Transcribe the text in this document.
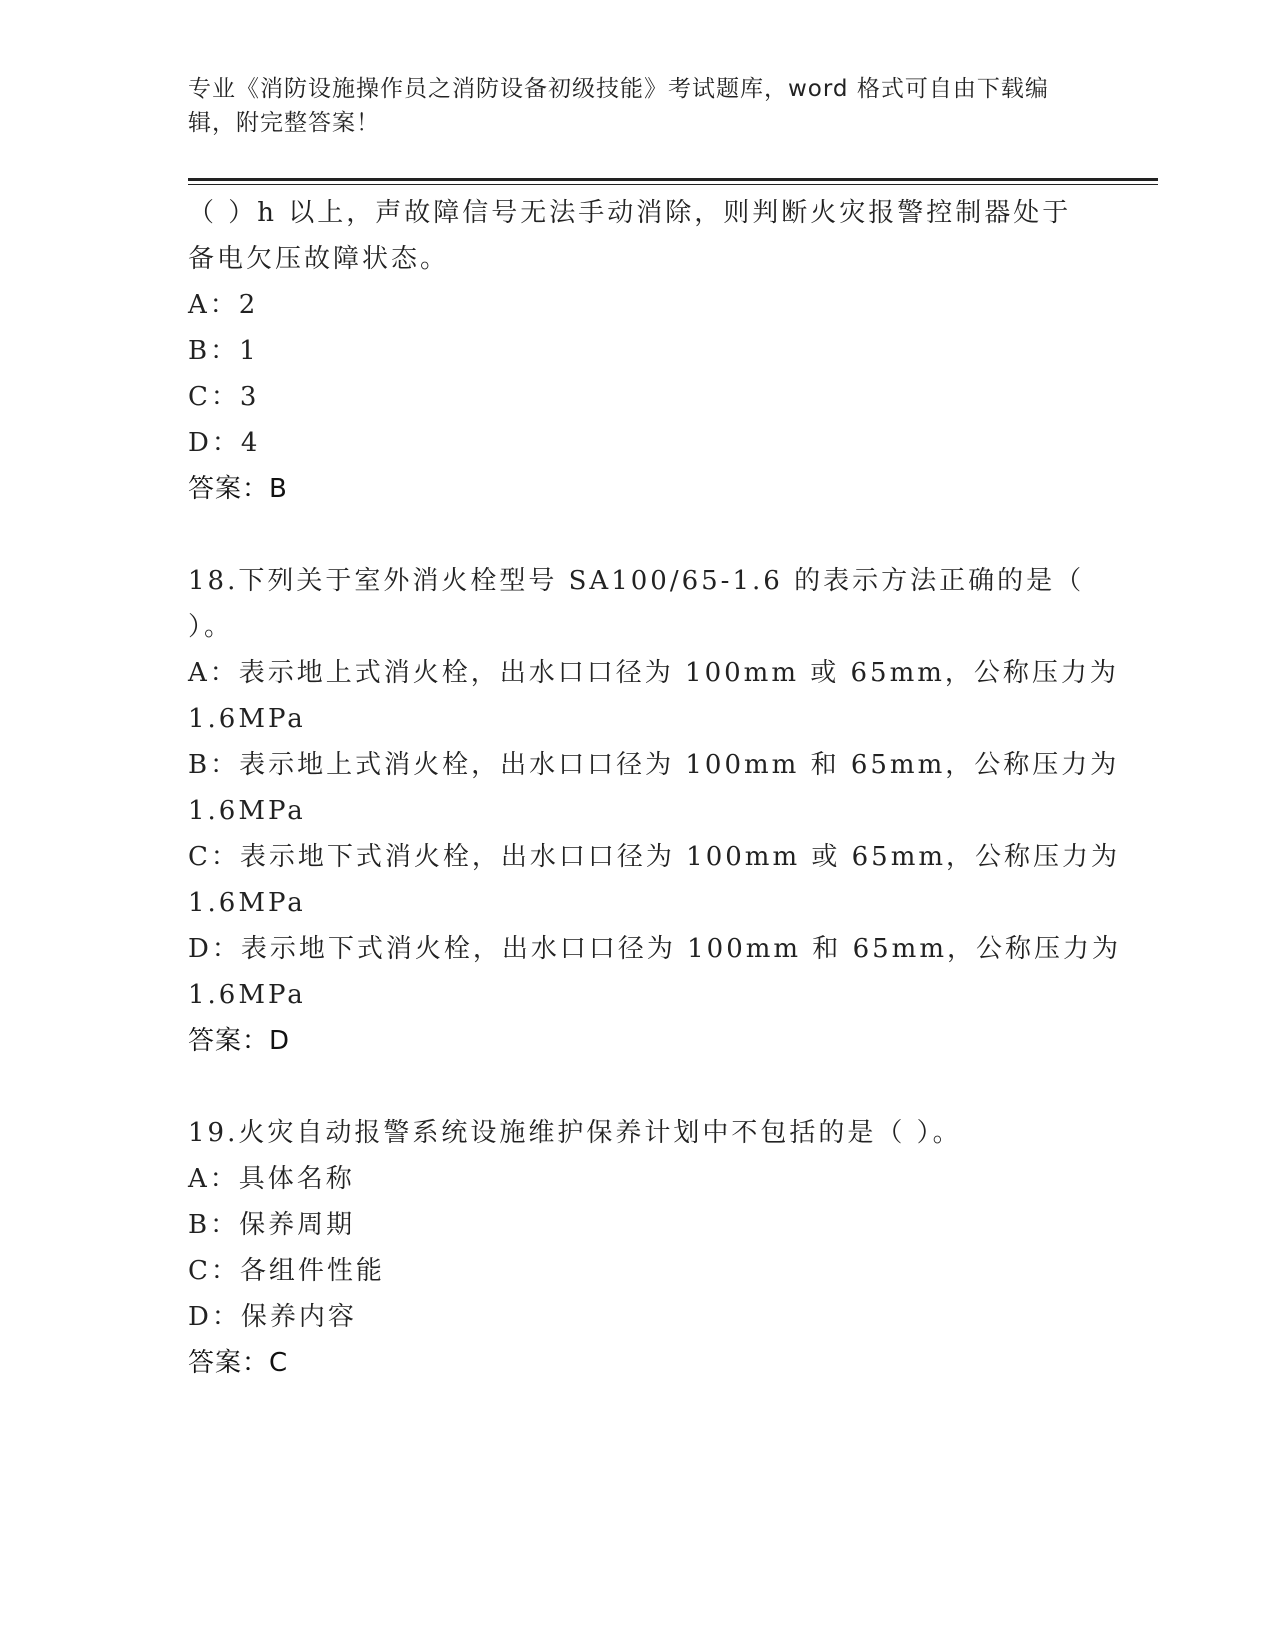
专业《消防设施操作员之消防设备初级技能》考试题库，word 格式可自由下载编
辑，附完整答案！
（ ）h 以上，声故障信号无法手动消除，则判断火灾报警控制器处于
备电欠压故障状态。
A：2
B：1
C：3
D：4
答案：B
18.下列关于室外消火栓型号 SA100/65-1.6 的表示方法正确的是（
）。
A：表示地上式消火栓，出水口口径为 100mm 或 65mm，公称压力为
1.6MPa
B：表示地上式消火栓，出水口口径为 100mm 和 65mm，公称压力为
1.6MPa
C：表示地下式消火栓，出水口口径为 100mm 或 65mm，公称压力为
1.6MPa
D：表示地下式消火栓，出水口口径为 100mm 和 65mm，公称压力为
1.6MPa
答案：D
19.火灾自动报警系统设施维护保养计划中不包括的是（ ）。
A：具体名称
B：保养周期
C：各组件性能
D：保养内容
答案：C
